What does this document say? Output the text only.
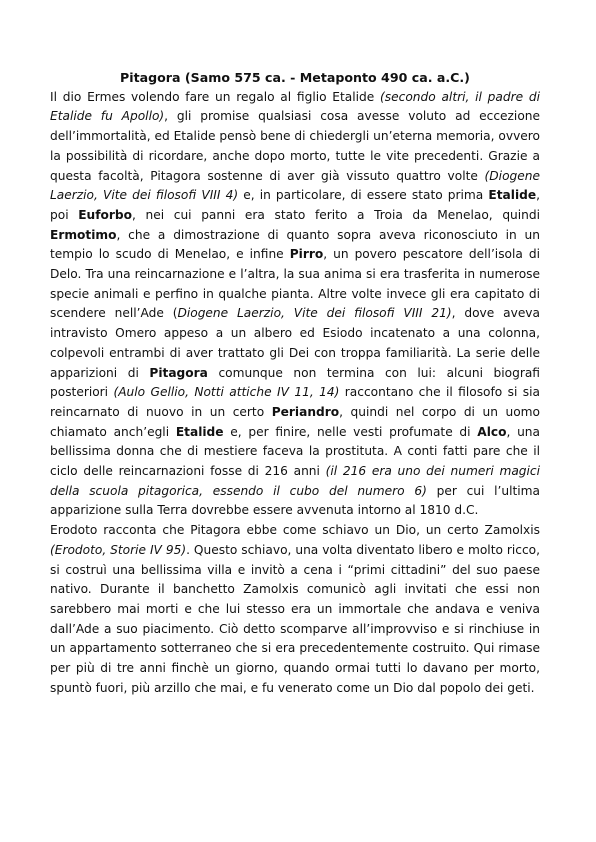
Pitagora (Samo 575 ca. - Metaponto 490 ca. a.C.)

Il dio Ermes volendo fare un regalo al figlio Etalide (secondo altri, il padre di Etalide fu Apollo), gli promise qualsiasi cosa avesse voluto ad eccezione dell’immortalità, ed Etalide pensò bene di chiedergli un’eterna memoria, ovvero la possibilità di ricordare, anche dopo morto, tutte le vite precedenti. Grazie a questa facoltà, Pitagora sostenne di aver già vissuto quattro volte (Diogene Laerzio, Vite dei filosofi VIII 4) e, in particolare, di essere stato prima Etalide, poi Euforbo, nei cui panni era stato ferito a Troia da Menelao, quindi Ermotimo, che a dimostrazione di quanto sopra aveva riconosciuto in un tempio lo scudo di Menelao, e infine Pirro, un povero pescatore dell’isola di Delo. Tra una reincarnazione e l’altra, la sua anima si era trasferita in numerose specie animali e perfino in qualche pianta. Altre volte invece gli era capitato di scendere nell’Ade (Diogene Laerzio, Vite dei filosofi VIII 21), dove aveva intravisto Omero appeso a un albero ed Esiodo incatenato a una colonna, colpevoli entrambi di aver trattato gli Dei con troppa familiarità. La serie delle apparizioni di Pitagora comunque non termina con lui: alcuni biografi posteriori (Aulo Gellio, Notti attiche IV 11, 14) raccontano che il filosofo si sia reincarnato di nuovo in un certo Periandro, quindi nel corpo di un uomo chiamato anch’egli Etalide e, per finire, nelle vesti profumate di Alco, una bellissima donna che di mestiere faceva la prostituta. A conti fatti pare che il ciclo delle reincarnazioni fosse di 216 anni (il 216 era uno dei numeri magici della scuola pitagorica, essendo il cubo del numero 6) per cui l’ultima apparizione sulla Terra dovrebbe essere avvenuta intorno al 1810 d.C.

Erodoto racconta che Pitagora ebbe come schiavo un Dio, un certo Zamolxis (Erodoto, Storie IV 95). Questo schiavo, una volta diventato libero e molto ricco, si costruì una bellissima villa e invitò a cena i “primi cittadini” del suo paese nativo. Durante il banchetto Zamolxis comunicò agli invitati che essi non sarebbero mai morti e che lui stesso era un immortale che andava e veniva dall’Ade a suo piacimento. Ciò detto scomparve all’improvviso e si rinchiuse in un appartamento sotterraneo che si era precedentemente costruito. Qui rimase per più di tre anni finchè un giorno, quando ormai tutti lo davano per morto, spuntò fuori, più arzillo che mai, e fu venerato come un Dio dal popolo dei geti.
